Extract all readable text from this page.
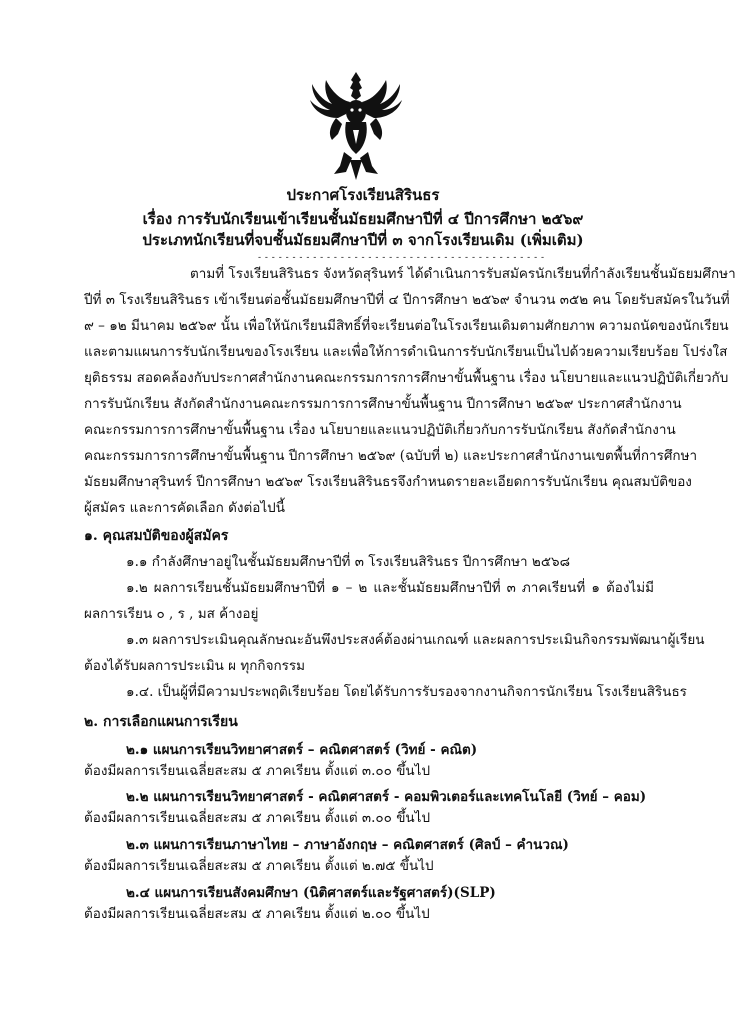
ประกาศโรงเรียนสิรินธร
เรื่อง การรับนักเรียนเข้าเรียนชั้นมัธยมศึกษาปีที่ ๔ ปีการศึกษา ๒๕๖๙
ประเภทนักเรียนที่จบชั้นมัธยมศึกษาปีที่ ๓ จากโรงเรียนเดิม (เพิ่มเติม)
- - - - - - - - - - - - - - - - - - - - - - - - - - - - - - - - - - - - - - - - - -
ตามที่ โรงเรียนสิรินธร จังหวัดสุรินทร์ ได้ดำเนินการรับสมัครนักเรียนที่กำลังเรียนชั้นมัธยมศึกษา
ปีที่ ๓ โรงเรียนสิรินธร เข้าเรียนต่อชั้นมัธยมศึกษาปีที่ ๔ ปีการศึกษา ๒๕๖๙ จำนวน ๓๕๒ คน โดยรับสมัครในวันที่
๙ – ๑๒ มีนาคม ๒๕๖๙ นั้น เพื่อให้นักเรียนมีสิทธิ์ที่จะเรียนต่อในโรงเรียนเดิมตามศักยภาพ ความถนัดของนักเรียน
และตามแผนการรับนักเรียนของโรงเรียน และเพื่อให้การดำเนินการรับนักเรียนเป็นไปด้วยความเรียบร้อย โปร่งใส
ยุติธรรม สอดคล้องกับประกาศสำนักงานคณะกรรมการการศึกษาขั้นพื้นฐาน เรื่อง นโยบายและแนวปฏิบัติเกี่ยวกับ
การรับนักเรียน สังกัดสำนักงานคณะกรรมการการศึกษาขั้นพื้นฐาน ปีการศึกษา ๒๕๖๙ ประกาศสำนักงาน
คณะกรรมการการศึกษาขั้นพื้นฐาน เรื่อง นโยบายและแนวปฏิบัติเกี่ยวกับการรับนักเรียน สังกัดสำนักงาน
คณะกรรมการการศึกษาขั้นพื้นฐาน ปีการศึกษา ๒๕๖๙ (ฉบับที่ ๒) และประกาศสำนักงานเขตพื้นที่การศึกษา
มัธยมศึกษาสุรินทร์ ปีการศึกษา ๒๕๖๙ โรงเรียนสิรินธรจึงกำหนดรายละเอียดการรับนักเรียน คุณสมบัติของ
ผู้สมัคร และการคัดเลือก ดังต่อไปนี้
๑. คุณสมบัติของผู้สมัคร
๑.๑ กำลังศึกษาอยู่ในชั้นมัธยมศึกษาปีที่ ๓ โรงเรียนสิรินธร ปีการศึกษา ๒๕๖๘
๑.๒ ผลการเรียนชั้นมัธยมศึกษาปีที่ ๑ – ๒ และชั้นมัธยมศึกษาปีที่ ๓ ภาคเรียนที่ ๑ ต้องไม่มี
ผลการเรียน ๐ , ร , มส ค้างอยู่
๑.๓ ผลการประเมินคุณลักษณะอันพึงประสงค์ต้องผ่านเกณฑ์ และผลการประเมินกิจกรรมพัฒนาผู้เรียน
ต้องได้รับผลการประเมิน ผ ทุกกิจกรรม
๑.๔. เป็นผู้ที่มีความประพฤติเรียบร้อย โดยได้รับการรับรองจากงานกิจการนักเรียน โรงเรียนสิรินธร
๒. การเลือกแผนการเรียน
๒.๑ แผนการเรียนวิทยาศาสตร์ – คณิตศาสตร์ (วิทย์ - คณิต)
ต้องมีผลการเรียนเฉลี่ยสะสม ๕ ภาคเรียน ตั้งแต่ ๓.๐๐ ขึ้นไป
๒.๒ แผนการเรียนวิทยาศาสตร์ - คณิตศาสตร์ - คอมพิวเตอร์และเทคโนโลยี (วิทย์ – คอม)
ต้องมีผลการเรียนเฉลี่ยสะสม ๕ ภาคเรียน ตั้งแต่ ๓.๐๐ ขึ้นไป
๒.๓ แผนการเรียนภาษาไทย – ภาษาอังกฤษ – คณิตศาสตร์ (ศิลป์ – คำนวณ)
ต้องมีผลการเรียนเฉลี่ยสะสม ๕ ภาคเรียน ตั้งแต่ ๒.๗๕ ขึ้นไป
๒.๔ แผนการเรียนสังคมศึกษา (นิติศาสตร์และรัฐศาสตร์)(SLP)
ต้องมีผลการเรียนเฉลี่ยสะสม ๕ ภาคเรียน ตั้งแต่ ๒.๐๐ ขึ้นไป
